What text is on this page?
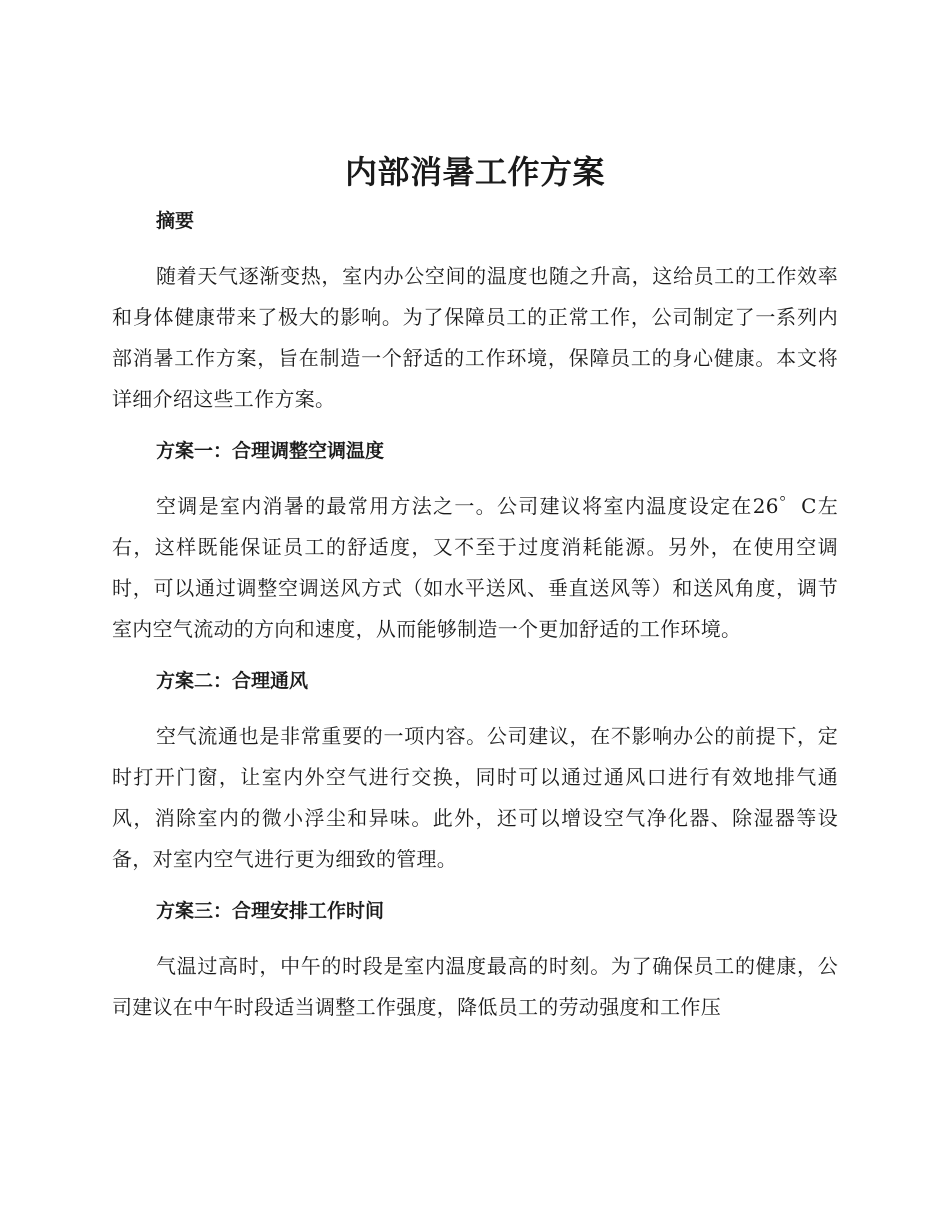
内部消暑工作方案
摘要

随着天气逐渐变热，室内办公空间的温度也随之升高，这给员工的工作效率和身体健康带来了极大的影响。为了保障员工的正常工作，公司制定了一系列内部消暑工作方案，旨在制造一个舒适的工作环境，保障员工的身心健康。本文将详细介绍这些工作方案。

方案一：合理调整空调温度

空调是室内消暑的最常用方法之一。公司建议将室内温度设定在26゜C左右，这样既能保证员工的舒适度，又不至于过度消耗能源。另外，在使用空调时，可以通过调整空调送风方式（如水平送风、垂直送风等）和送风角度，调节室内空气流动的方向和速度，从而能够制造一个更加舒适的工作环境。

方案二：合理通风

空气流通也是非常重要的一项内容。公司建议，在不影响办公的前提下，定时打开门窗，让室内外空气进行交换，同时可以通过通风口进行有效地排气通风，消除室内的微小浮尘和异味。此外，还可以增设空气净化器、除湿器等设备，对室内空气进行更为细致的管理。

方案三：合理安排工作时间

气温过高时，中午的时段是室内温度最高的时刻。为了确保员工的健康，公司建议在中午时段适当调整工作强度，降低员工的劳动强度和工作压
